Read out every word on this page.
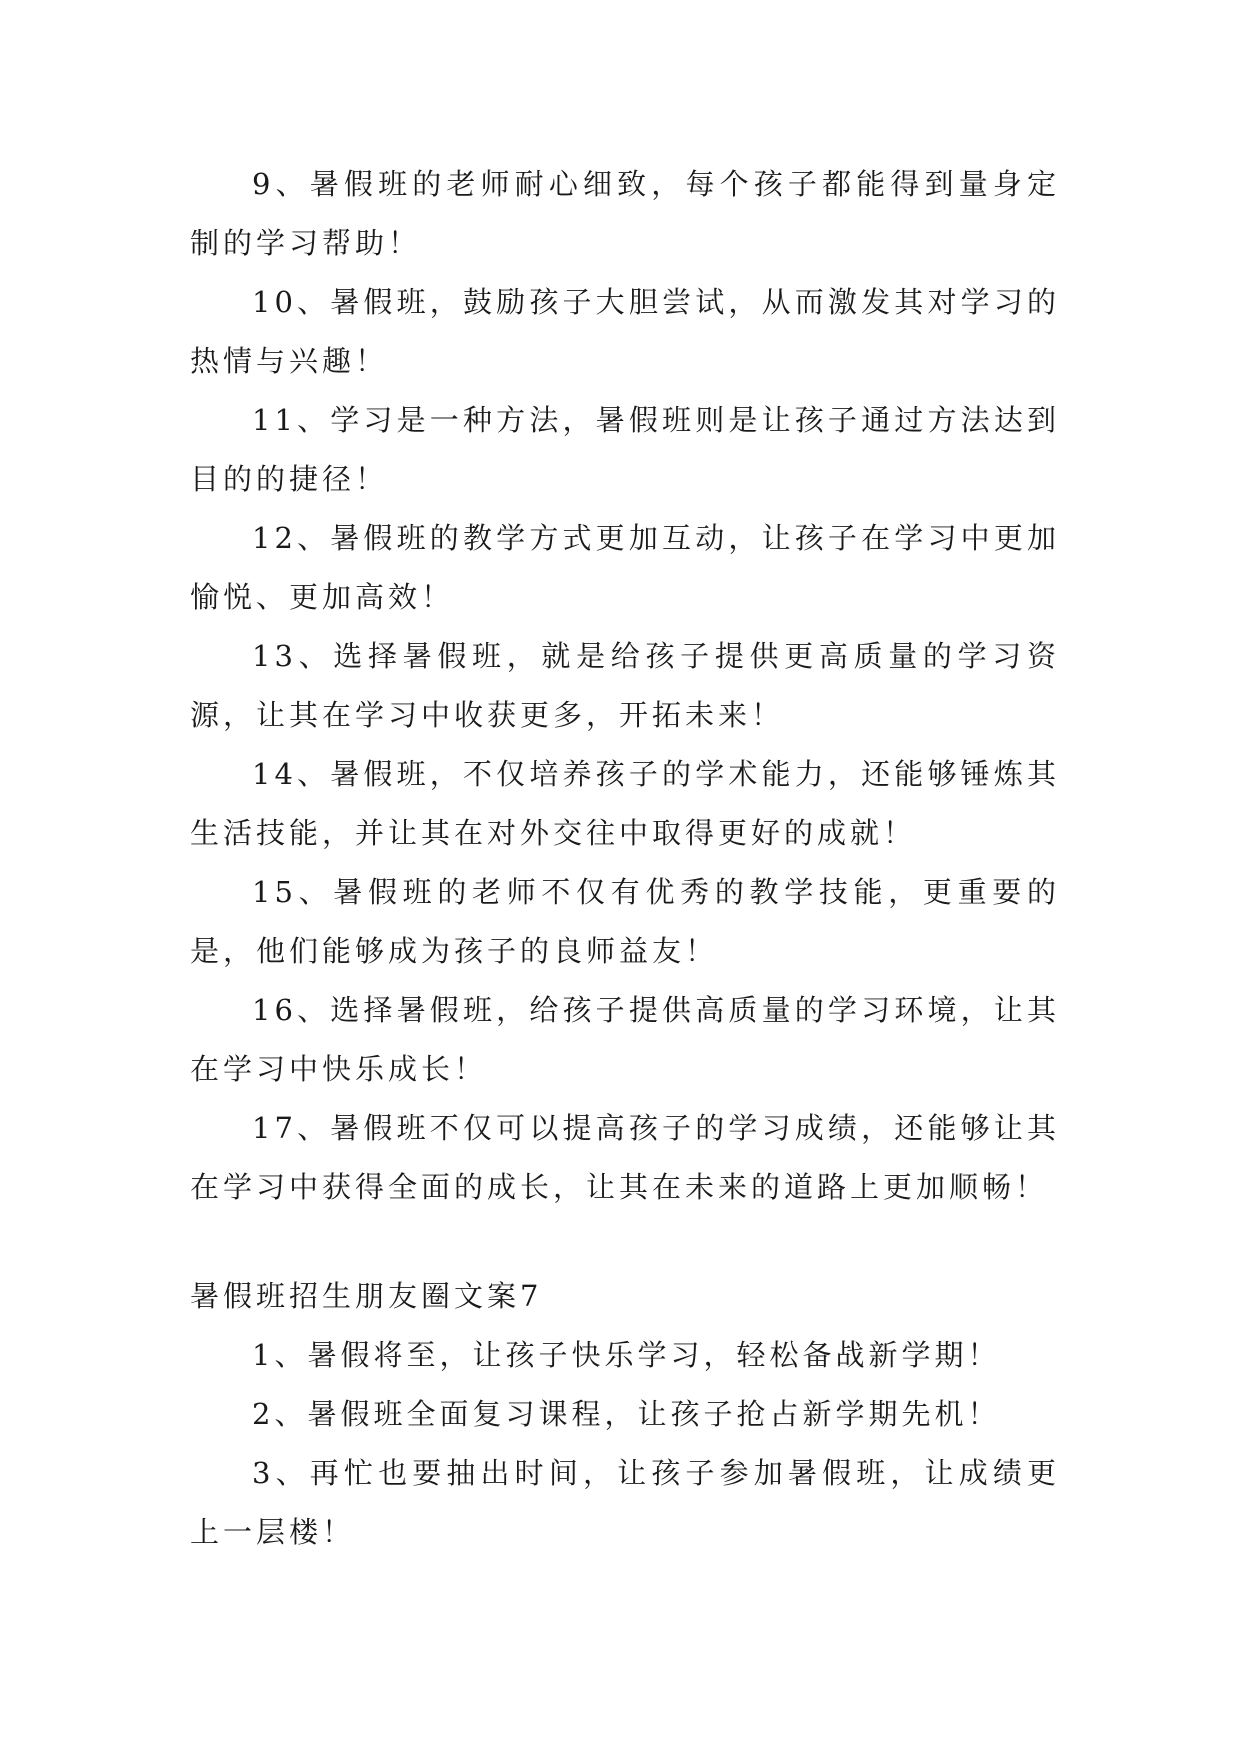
9、暑假班的老师耐心细致，每个孩子都能得到量身定制的学习帮助！

10、暑假班，鼓励孩子大胆尝试，从而激发其对学习的热情与兴趣！

11、学习是一种方法，暑假班则是让孩子通过方法达到目的的捷径！

12、暑假班的教学方式更加互动，让孩子在学习中更加愉悦、更加高效！

13、选择暑假班，就是给孩子提供更高质量的学习资源，让其在学习中收获更多，开拓未来！

14、暑假班，不仅培养孩子的学术能力，还能够锤炼其生活技能，并让其在对外交往中取得更好的成就！

15、暑假班的老师不仅有优秀的教学技能，更重要的是，他们能够成为孩子的良师益友！

16、选择暑假班，给孩子提供高质量的学习环境，让其在学习中快乐成长！

17、暑假班不仅可以提高孩子的学习成绩，还能够让其在学习中获得全面的成长，让其在未来的道路上更加顺畅！

暑假班招生朋友圈文案7

1、暑假将至，让孩子快乐学习，轻松备战新学期！

2、暑假班全面复习课程，让孩子抢占新学期先机！

3、再忙也要抽出时间，让孩子参加暑假班，让成绩更上一层楼！
